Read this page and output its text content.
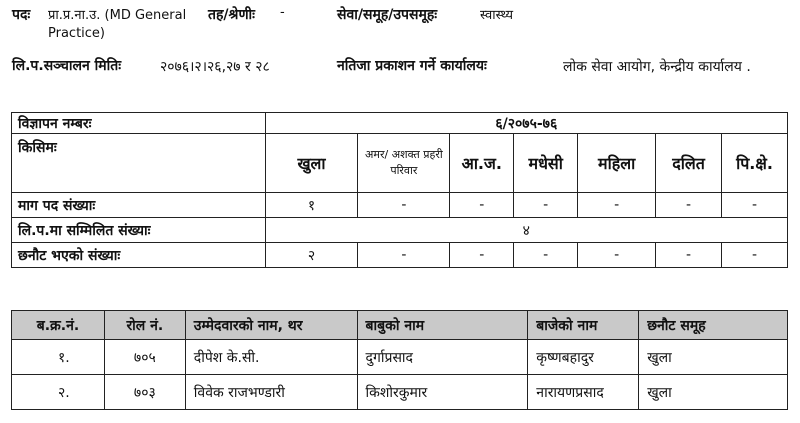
पदः प्रा.प्र.ना.उ. (MD General
Practice)
तह/श्रेणीः -	सेवा/समूह/उपसमूहः	स्वास्थ्य
लि.प.सञ्चालन मितिः	२०७६।२।२६,२७ र २८	नतिजा प्रकाशन गर्ने कार्यालयः	लोक सेवा आयोग, केन्द्रीय कार्यालय .
विज्ञापन नम्बरः	६/२०७५-७६						
किसिमः	खुला	अमर/ अशक्त प्रहरी परिवार	आ.ज.	मधेसी	महिला	दलित	पि.क्षे.
माग पद संख्याः	१	-	-	-	-	-	-
लि.प.मा सम्मिलित संख्याः	४						
छनौट भएको संख्याः	२	-	-	-	-	-	-
ब.क्र.नं.	रोल नं.	उम्मेदवारको नाम, थर	बाबुको नाम	बाजेको नाम	छनौट समूह
१.	७०५	दीपेश के.सी.	दुर्गाप्रसाद	कृष्णबहादुर	खुला
२.	७०३	विवेक राजभण्डारी	किशोरकुमार	नारायणप्रसाद	खुला
